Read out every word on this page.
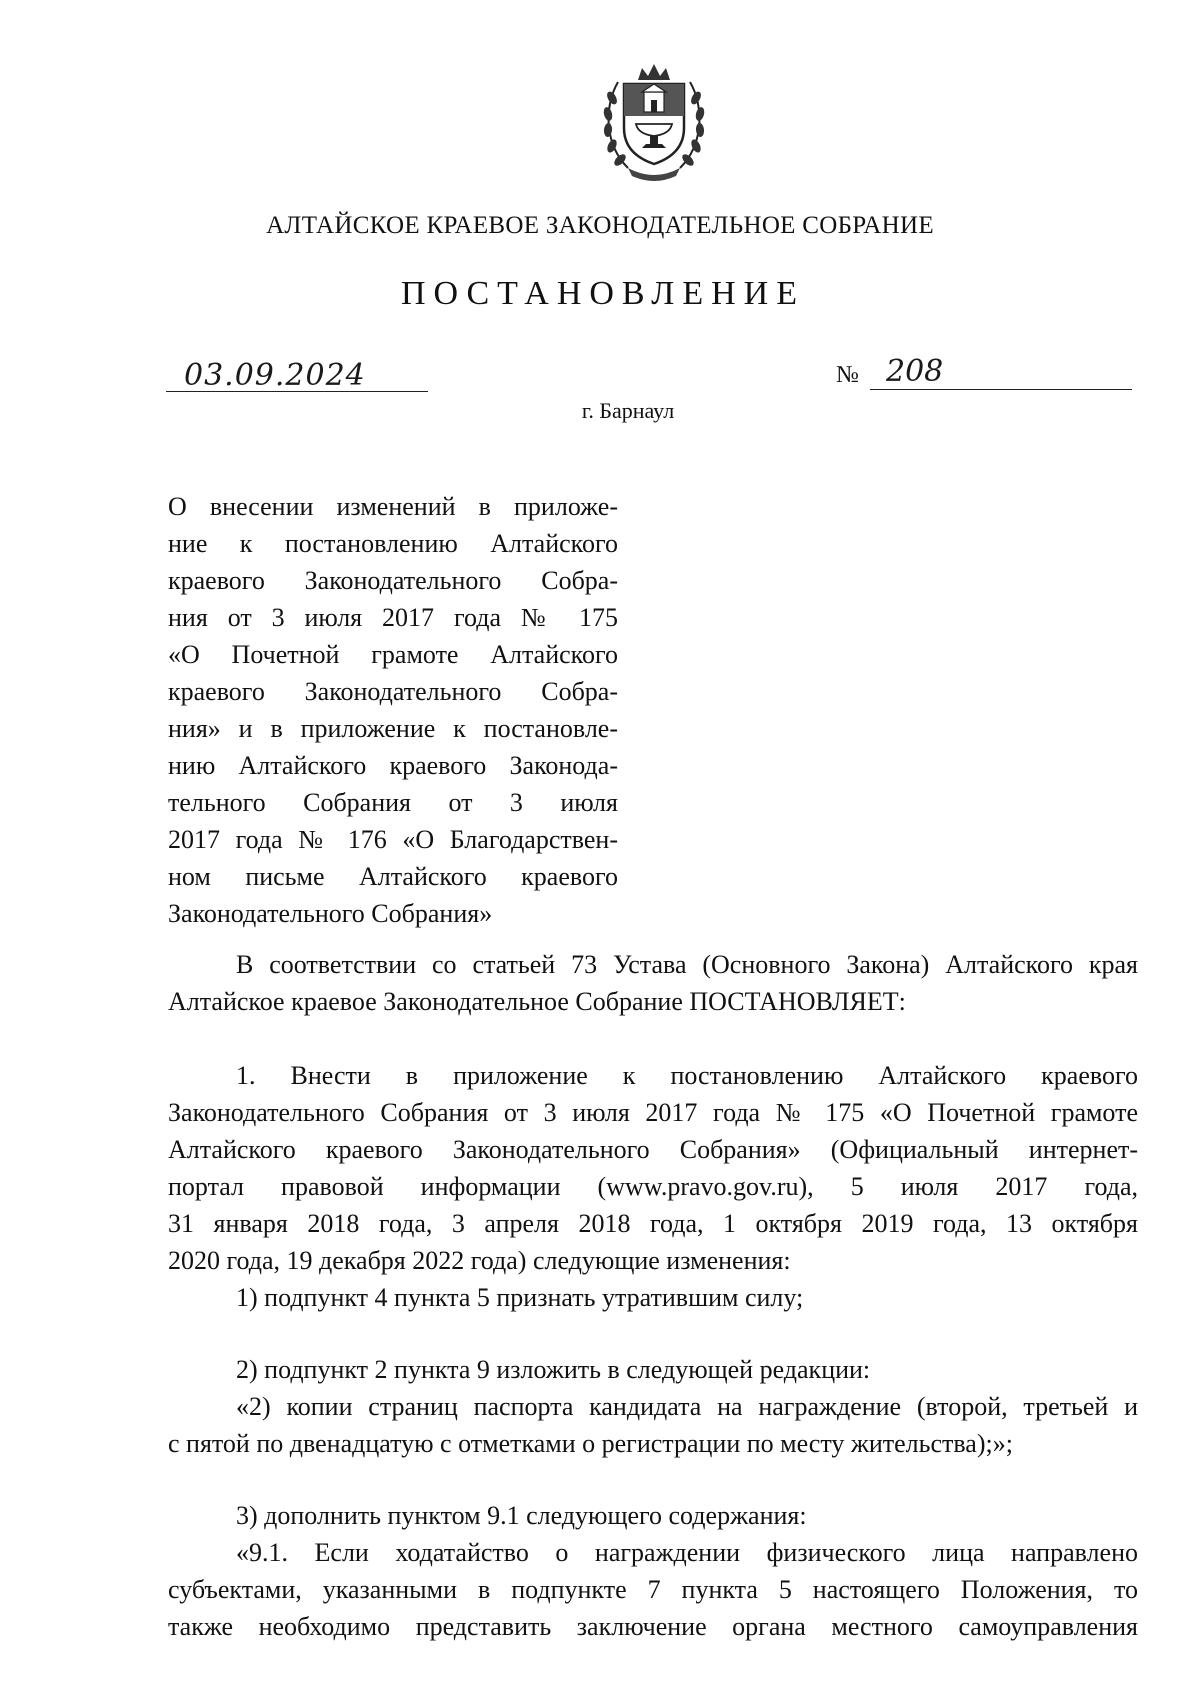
АЛТАЙСКОЕ КРАЕВОЕ ЗАКОНОДАТЕЛЬНОЕ СОБРАНИЕ
ПОСТАНОВЛЕНИЕ
03.09.2024	№ 208
г. Барнаул
О внесении изменений в приложе-
ние к постановлению Алтайского
краевого Законодательного Собра-
ния от 3 июля 2017 года № 175
«О Почетной грамоте Алтайского
краевого Законодательного Собра-
ния» и в приложение к постановле-
нию Алтайского краевого Законода-
тельного Собрания от 3 июля
2017 года № 176 «О Благодарствен-
ном письме Алтайского краевого
Законодательного Собрания»
В соответствии со статьей 73 Устава (Основного Закона) Алтайского края
Алтайское краевое Законодательное Собрание ПОСТАНОВЛЯЕТ:
1. Внести в приложение к постановлению Алтайского краевого
Законодательного Собрания от 3 июля 2017 года № 175 «О Почетной грамоте
Алтайского краевого Законодательного Собрания» (Официальный интернет-
портал правовой информации (www.pravo.gov.ru), 5 июля 2017 года,
31 января 2018 года, 3 апреля 2018 года, 1 октября 2019 года, 13 октября
2020 года, 19 декабря 2022 года) следующие изменения:
1) подпункт 4 пункта 5 признать утратившим силу;
2) подпункт 2 пункта 9 изложить в следующей редакции:
«2) копии страниц паспорта кандидата на награждение (второй, третьей и
с пятой по двенадцатую с отметками о регистрации по месту жительства);»;
3) дополнить пунктом 9.1 следующего содержания:
«9.1. Если ходатайство о награждении физического лица направлено
субъектами, указанными в подпункте 7 пункта 5 настоящего Положения, то
также необходимо представить заключение органа местного самоуправления
